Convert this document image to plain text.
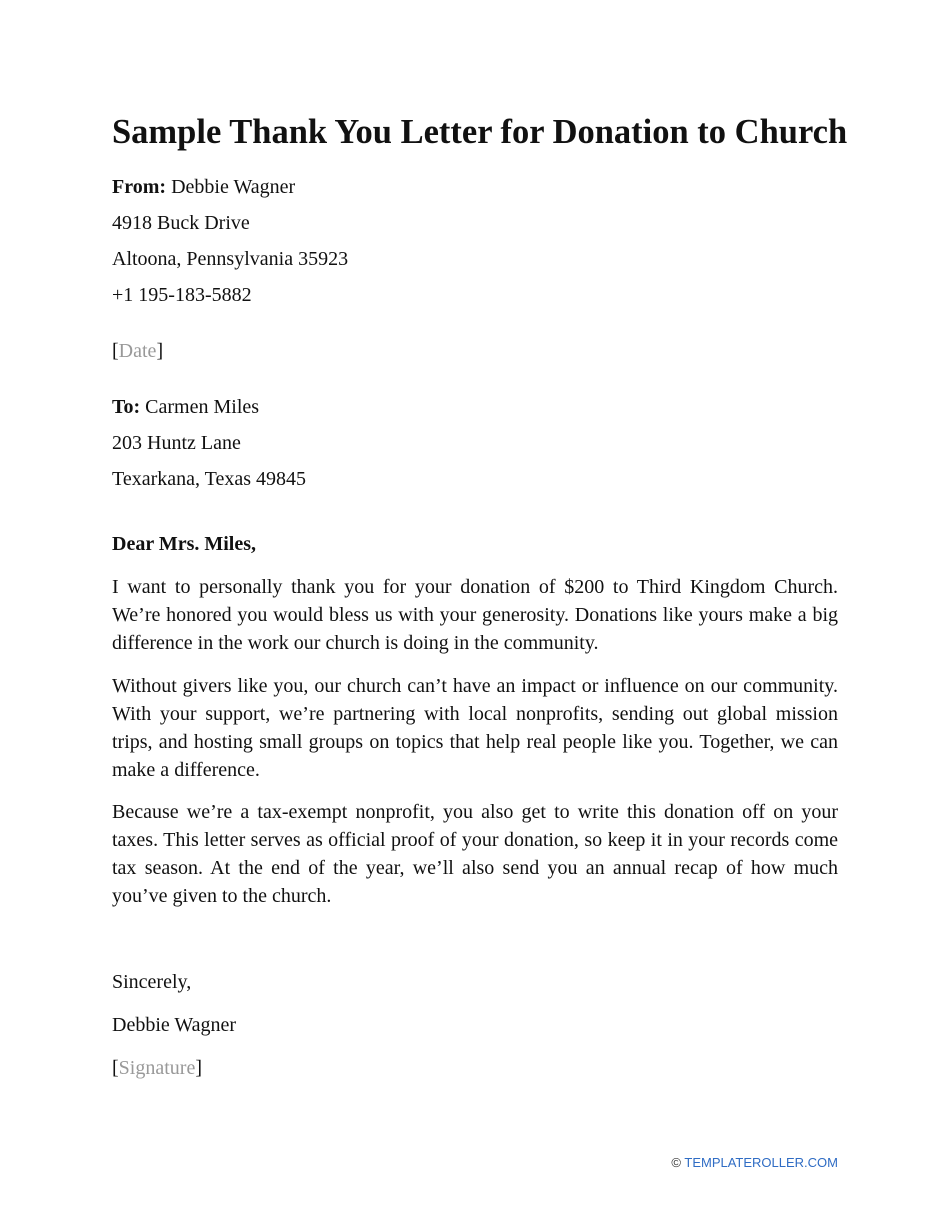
Sample Thank You Letter for Donation to Church
From: Debbie Wagner
4918 Buck Drive
Altoona, Pennsylvania 35923
+1 195-183-5882
[Date]
To: Carmen Miles
203 Huntz Lane
Texarkana, Texas 49845
Dear Mrs. Miles,

I want to personally thank you for your donation of $200 to Third Kingdom Church. We’re honored you would bless us with your generosity. Donations like yours make a big difference in the work our church is doing in the community.

Without givers like you, our church can’t have an impact or influence on our community. With your support, we’re partnering with local nonprofits, sending out global mission trips, and hosting small groups on topics that help real people like you. Together, we can make a difference.

Because we’re a tax-exempt nonprofit, you also get to write this donation off on your taxes. This letter serves as official proof of your donation, so keep it in your records come tax season. At the end of the year, we’ll also send you an annual recap of how much you’ve given to the church.

Sincerely,
Debbie Wagner
[Signature]
© TEMPLATEROLLER.COM
